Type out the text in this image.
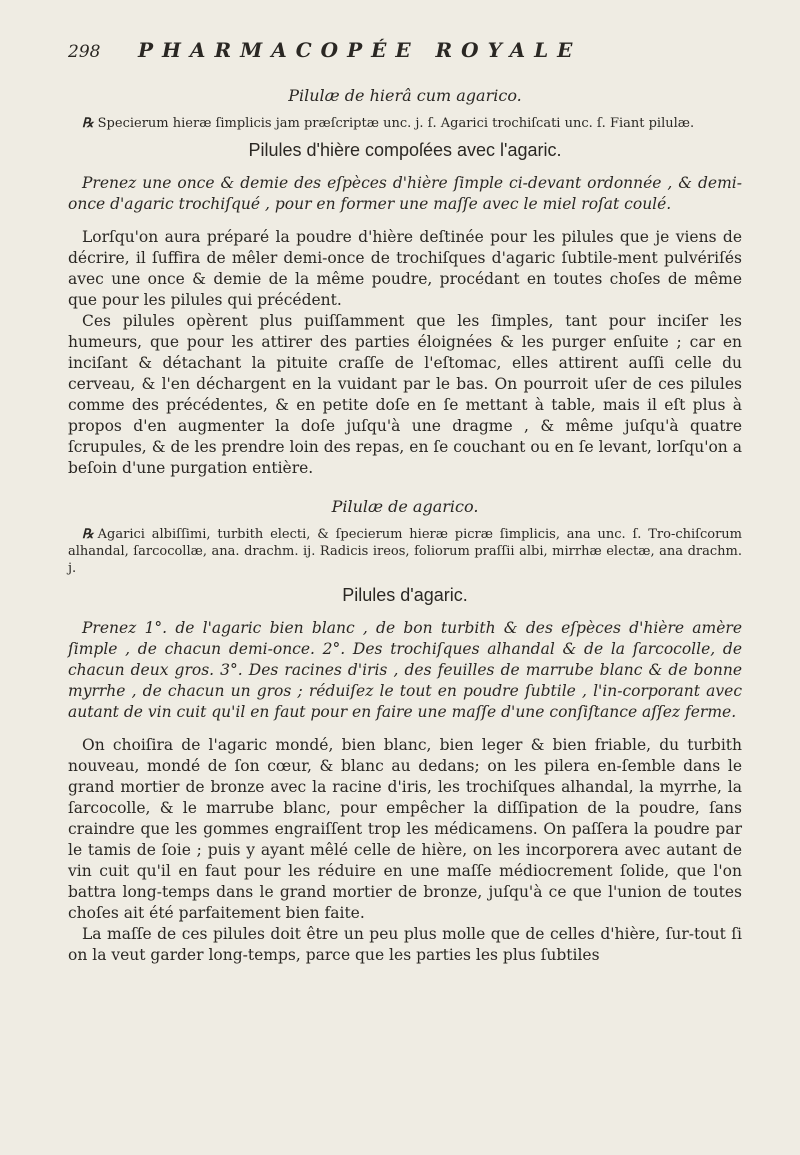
298	PHARMACOPÉE ROYALE
Pilulæ de hierâ cum agarico.

℞ Specierum hieræ ſimplicis jam præſcriptæ unc. j. ſ. Agarici trochiſcati unc. ſ. Fiant pilulæ.

Pilules d'hière compoſées avec l'agaric.

Prenez une once & demie des eſpèces d'hière ſimple ci-devant ordonnée , & demi-once d'agaric trochiſqué , pour en former une maſſe avec le miel roſat coulé.

Lorſqu'on aura préparé la poudre d'hière deſtinée pour les pilules que je viens de décrire, il ſuffira de mêler demi-once de trochiſques d'agaric ſubtile-ment pulvériſés avec une once & demie de la même poudre, procédant en toutes choſes de même que pour les pilules qui précédent.

Ces pilules opèrent plus puiſſamment que les ſimples, tant pour inciſer les humeurs, que pour les attirer des parties éloignées & les purger enſuite ; car en inciſant & détachant la pituite craſſe de l'eſtomac, elles attirent auſſi celle du cerveau, & l'en déchargent en la vuidant par le bas. On pourroit uſer de ces pilules comme des précédentes, & en petite doſe en ſe mettant à table, mais il eſt plus à propos d'en augmenter la doſe juſqu'à une dragme , & même juſqu'à quatre ſcrupules, & de les prendre loin des repas, en ſe couchant ou en ſe levant, lorſqu'on a beſoin d'une purgation entière.

Pilulæ de agarico.

℞ Agarici albiſſimi, turbith electi, & ſpecierum hieræ picræ ſimplicis, ana unc. ſ. Tro-chiſcorum alhandal, ſarcocollæ, ana. drachm. ij. Radicis ireos, foliorum praſſii albi, mirrhæ electæ, ana drachm. j.

Pilules d'agaric.

Prenez 1°. de l'agaric bien blanc , de bon turbith & des eſpèces d'hière amère ſimple , de chacun demi-once. 2°. Des trochiſques alhandal & de la ſarcocolle, de chacun deux gros. 3°. Des racines d'iris , des feuilles de marrube blanc & de bonne myrrhe , de chacun un gros ; réduiſez le tout en poudre ſubtile , l'in-corporant avec autant de vin cuit qu'il en faut pour en faire une maſſe d'une conſiſtance aſſez ferme.

On choiſira de l'agaric mondé, bien blanc, bien leger & bien friable, du turbith nouveau, mondé de ſon cœur, & blanc au dedans; on les pilera en-ſemble dans le grand mortier de bronze avec la racine d'iris, les trochiſques alhandal, la myrrhe, la ſarcocolle, & le marrube blanc, pour empêcher la diſſipation de la poudre, ſans craindre que les gommes engraiſſent trop les médicamens. On paſſera la poudre par le tamis de ſoie ; puis y ayant mêlé celle de hière, on les incorporera avec autant de vin cuit qu'il en faut pour les réduire en une maſſe médiocrement ſolide, que l'on battra long-temps dans le grand mortier de bronze, juſqu'à ce que l'union de toutes choſes ait été parfaitement bien faite.

La maſſe de ces pilules doit être un peu plus molle que de celles d'hière, ſur-tout ſi on la veut garder long-temps, parce que les parties les plus ſubtiles
